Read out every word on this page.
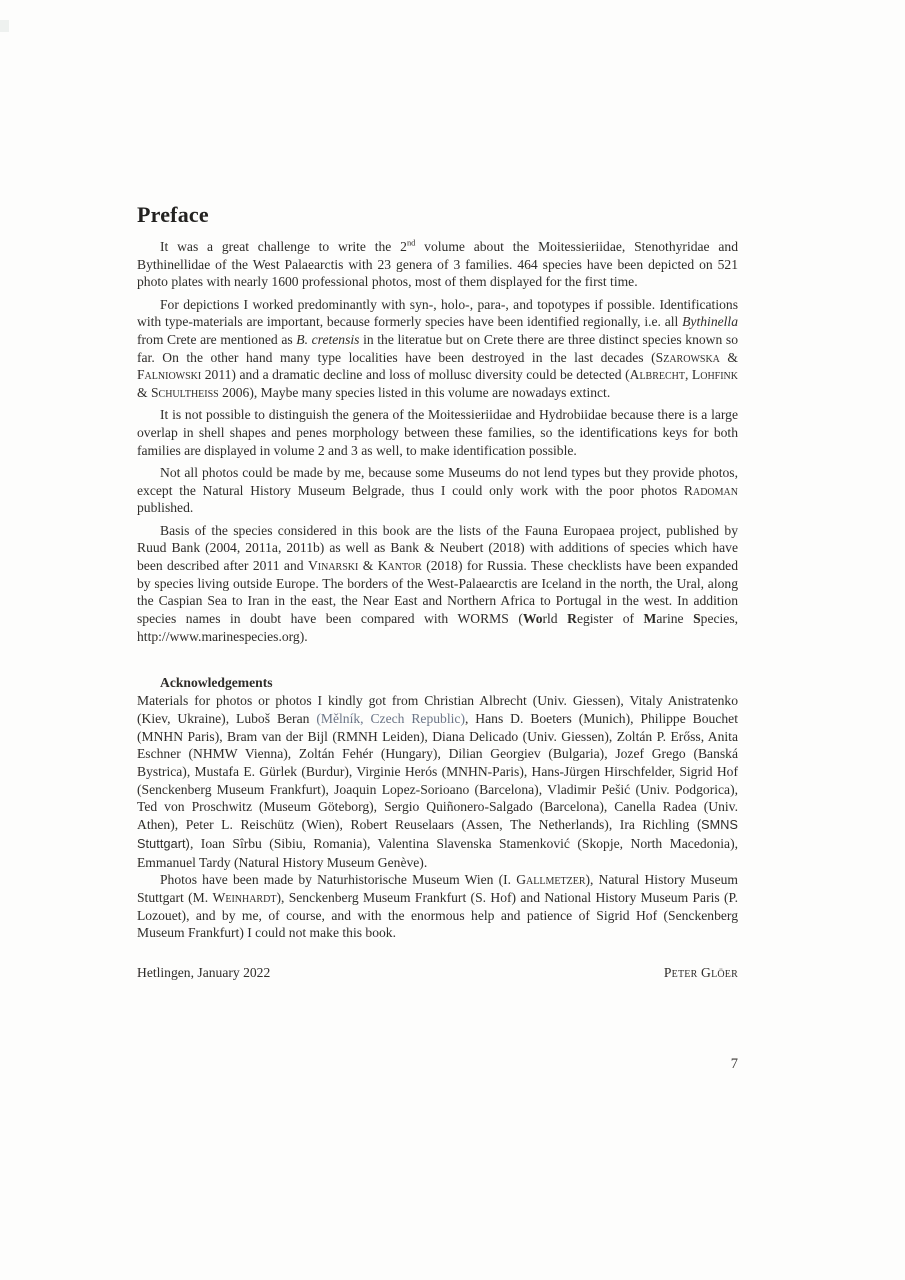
Preface

It was a great challenge to write the 2nd volume about the Moitessieriidae, Stenothyridae and Bythinellidae of the West Palaearctis with 23 genera of 3 families. 464 species have been depicted on 521 photo plates with nearly 1600 professional photos, most of them displayed for the first time.

For depictions I worked predominantly with syn-, holo-, para-, and topotypes if possible. Identifications with type-materials are important, because formerly species have been identified regionally, i.e. all Bythinella from Crete are mentioned as B. cretensis in the literatue but on Crete there are three distinct species known so far. On the other hand many type localities have been destroyed in the last decades (Szarowska & Falniowski 2011) and a dramatic decline and loss of mollusc diversity could be detected (Albrecht, Lohfink & Schultheiß 2006), Maybe many species listed in this volume are nowadays extinct.

It is not possible to distinguish the genera of the Moitessieriidae and Hydrobiidae because there is a large overlap in shell shapes and penes morphology between these families, so the identifications keys for both families are displayed in volume 2 and 3 as well, to make identification possible.

Not all photos could be made by me, because some Museums do not lend types but they provide photos, except the Natural History Museum Belgrade, thus I could only work with the poor photos Radoman published.

Basis of the species considered in this book are the lists of the Fauna Europaea project, published by Ruud Bank (2004, 2011a, 2011b) as well as Bank & Neubert (2018) with additions of species which have been described after 2011 and Vinarski & Kantor (2018) for Russia. These checklists have been expanded by species living outside Europe. The borders of the West-Palaearctis are Iceland in the north, the Ural, along the Caspian Sea to Iran in the east, the Near East and Northern Africa to Portugal in the west. In addition species names in doubt have been compared with WORMS (World Register of Marine Species, http://www.marinespecies.org).

Acknowledgements

Materials for photos or photos I kindly got from Christian Albrecht (Univ. Giessen), Vitaly Anistratenko (Kiev, Ukraine), Luboš Beran (Mělník, Czech Republic), Hans D. Boeters (Munich), Philippe Bouchet (MNHN Paris), Bram van der Bijl (RMNH Leiden), Diana Delicado (Univ. Giessen), Zoltán P. Erőss, Anita Eschner (NHMW Vienna), Zoltán Fehér (Hungary), Dilian Georgiev (Bulgaria), Jozef Grego (Banská Bystrica), Mustafa E. Gürlek (Burdur), Virginie Herós (MNHN-Paris), Hans-Jürgen Hirschfelder, Sigrid Hof (Senckenberg Museum Frankfurt), Joaquin Lopez-Sorioano (Barcelona), Vladimir Pešić (Univ. Podgorica), Ted von Proschwitz (Museum Göteborg), Sergio Quiñonero-Salgado (Barcelona), Canella Radea (Univ. Athen), Peter L. Reischütz (Wien), Robert Reuselaars (Assen, The Netherlands), Ira Richling (SMNS Stuttgart), Ioan Sîrbu (Sibiu, Romania), Valentina Slavenska Stamenković (Skopje, North Macedonia), Emmanuel Tardy (Natural History Museum Genève).

Photos have been made by Naturhistorische Museum Wien (I. Gallmetzer), Natural History Museum Stuttgart (M. Weinhardt), Senckenberg Museum Frankfurt (S. Hof) and National History Museum Paris (P. Lozouet), and by me, of course, and with the enormous help and patience of Sigrid Hof (Senckenberg Museum Frankfurt) I could not make this book.

Hetlingen, January 2022	Peter Glöer
7
